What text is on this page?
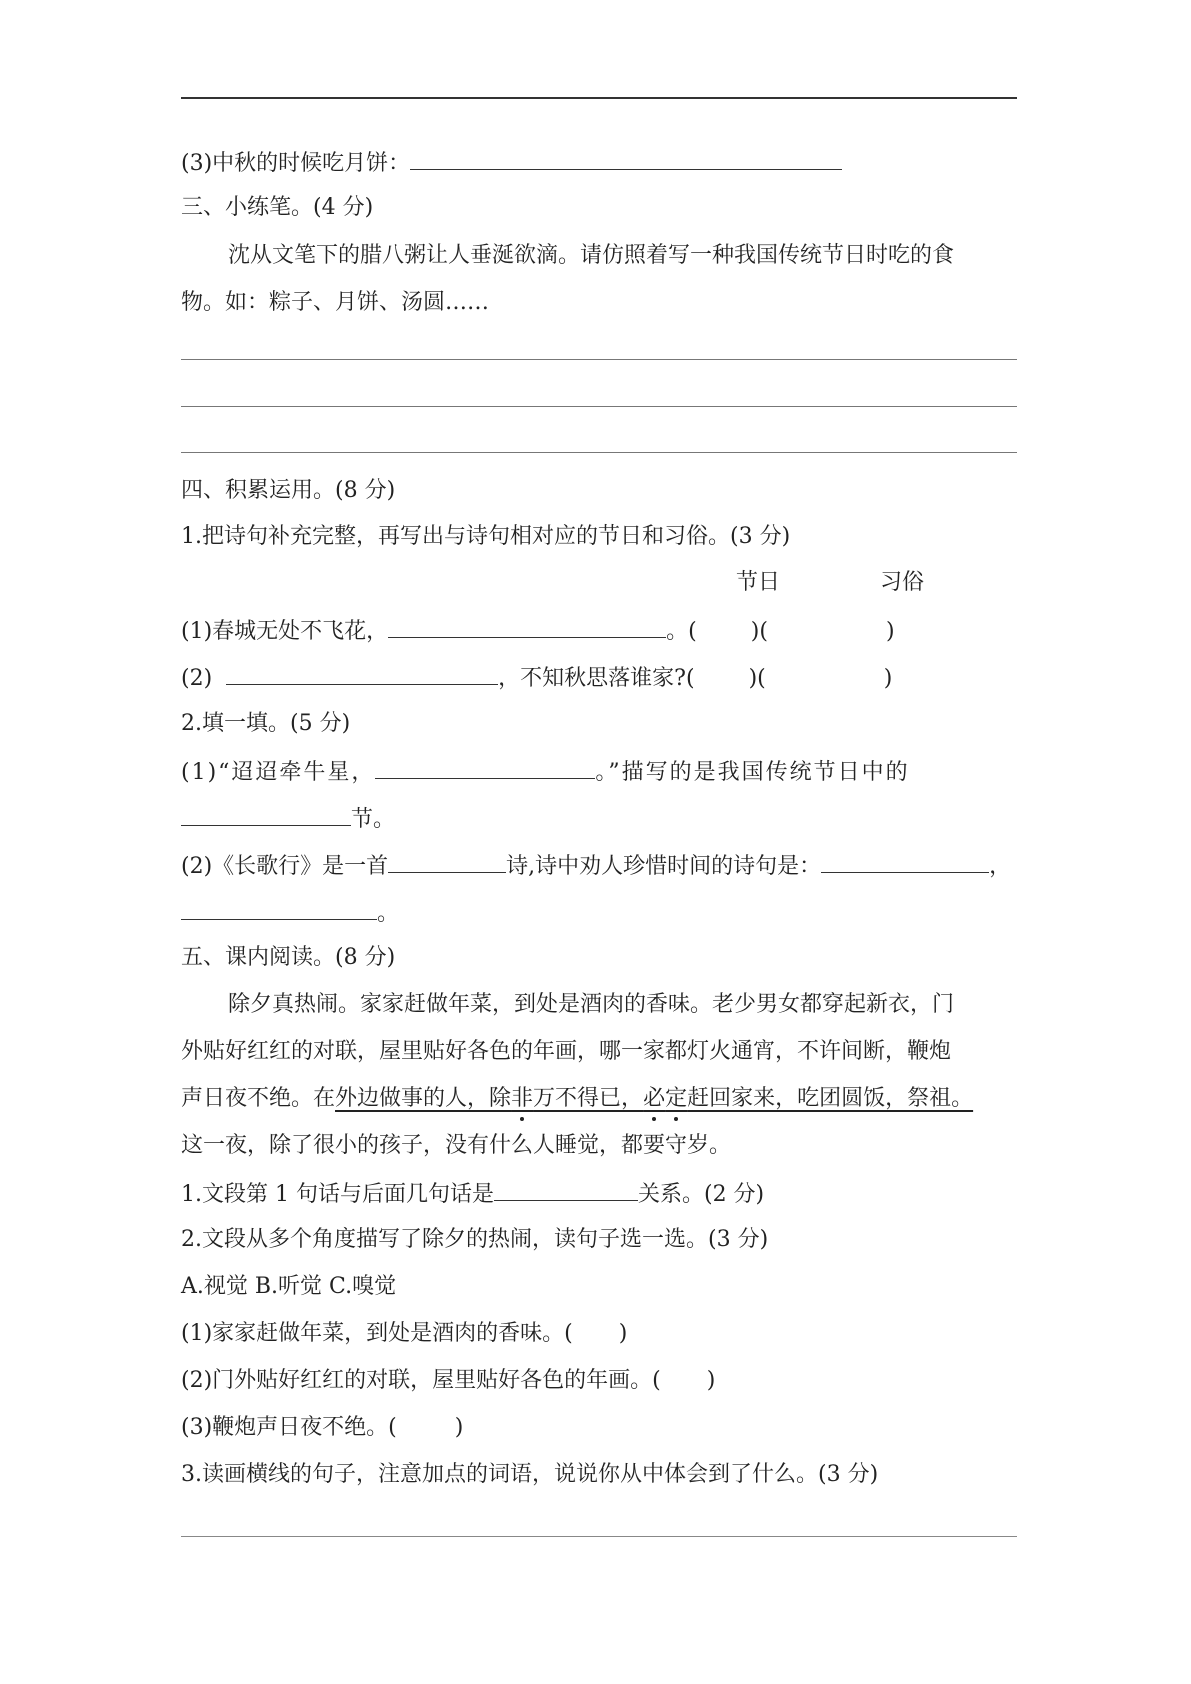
(3)中秋的时候吃月饼：
三、小练笔。(4 分)
沈从文笔下的腊八粥让人垂涎欲滴。请仿照着写一种我国传统节日时吃的食
物。如：粽子、月饼、汤圆……
四、积累运用。(8 分)
1.把诗句补充完整，再写出与诗句相对应的节日和习俗。(3 分)
节日	习俗
(1)春城无处不飞花，	。( )(	)
(2)	，不知秋思落谁家?( )(	)
2.填一填。(5 分)
(1)“迢迢牵牛星，	。”描写的是我国传统节日中的
节。
(2)《长歌行》是一首	诗,诗中劝人珍惜时间的诗句是：	，
。
五、课内阅读。(8 分)
除夕真热闹。家家赶做年菜，到处是酒肉的香味。老少男女都穿起新衣，门
外贴好红红的对联，屋里贴好各色的年画，哪一家都灯火通宵，不许间断，鞭炮
声日夜不绝。在外边做事的人，除非万不得已，必定赶回家来，吃团圆饭，祭祖。
这一夜，除了很小的孩子，没有什么人睡觉，都要守岁。
1.文段第 1 句话与后面几句话是	关系。(2 分)
2.文段从多个角度描写了除夕的热闹，读句子选一选。(3 分)
A.视觉 B.听觉 C.嗅觉
(1)家家赶做年菜，到处是酒肉的香味。( )
(2)门外贴好红红的对联，屋里贴好各色的年画。( )
(3)鞭炮声日夜不绝。(	)
3.读画横线的句子，注意加点的词语，说说你从中体会到了什么。(3 分)
